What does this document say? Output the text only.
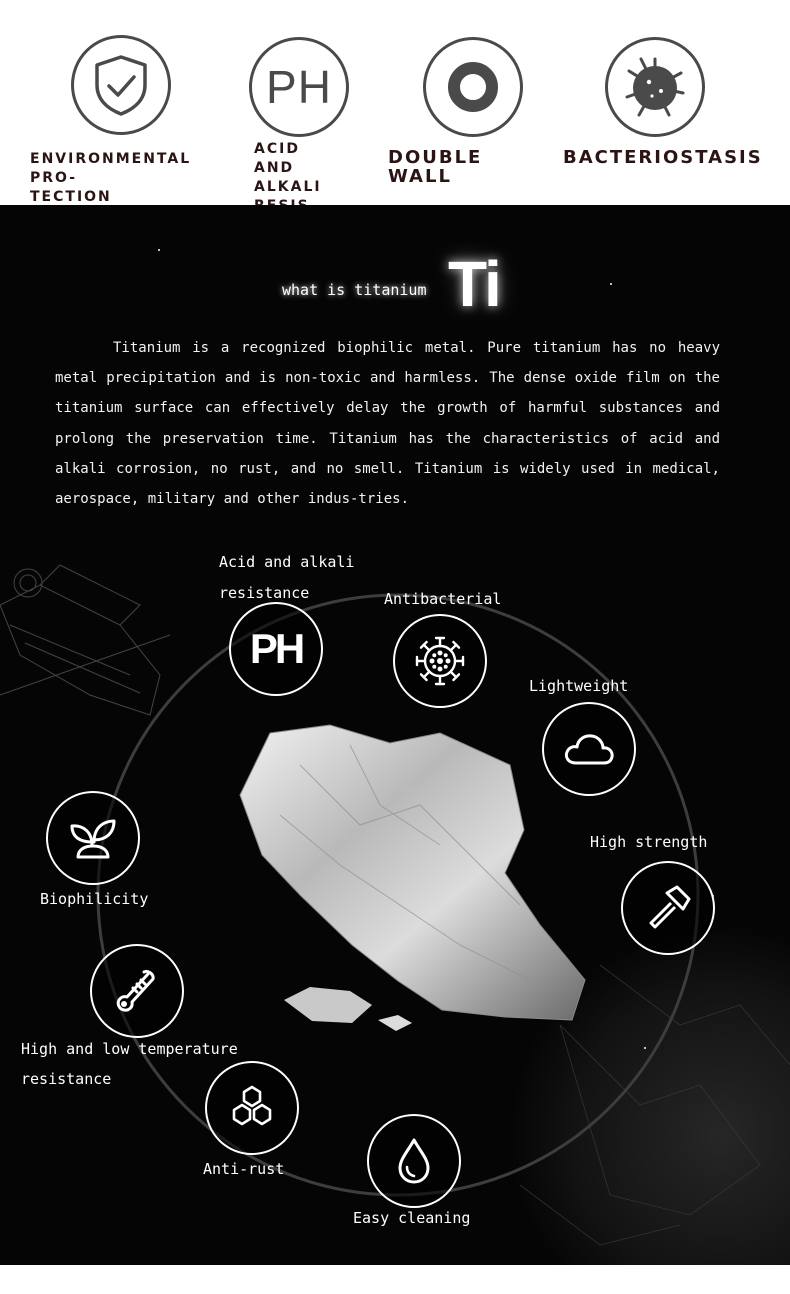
ENVIRONMENTAL PRO-
TECTION
PH
ACID AND
ALKALI

DOUBLE WALL
BACTERIOSTASIS
what is titanium Ti

Titanium is a recognized biophilic metal. Pure titanium has no heavy metal precipitation and is non-toxic and harmless. The dense oxide film on the titanium surface can effectively delay the growth of harmful substances and prolong the preservation time. Titanium has the characteristics of acid and alkali corrosion, no rust, and no smell. Titanium is widely used in medical, aerospace, military and other indus-tries.

Acid and alkali
resistance
PH
Antibacterial
Lightweight
High strength
Biophilicity
High and low temperature
resistance
Anti-rust
Easy cleaning
